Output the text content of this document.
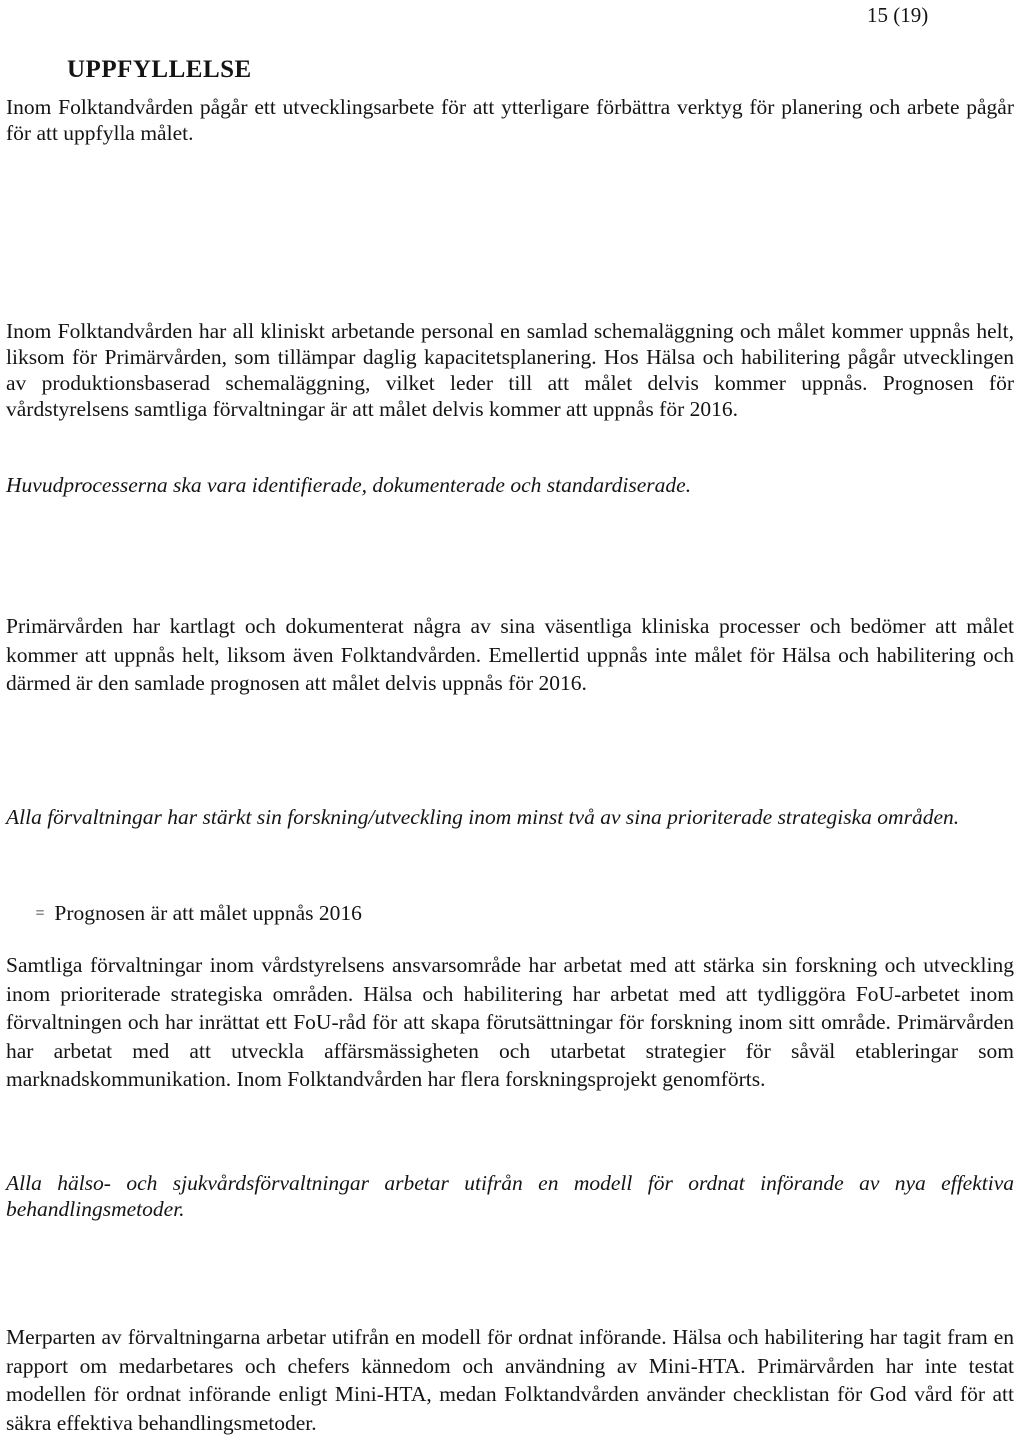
15 (19)

UPPFYLLELSE

Inom Folktandvården pågår ett utvecklingsarbete för att ytterligare förbättra verktyg för planering och arbete pågår för att uppfylla målet.

Inom Folktandvården har all kliniskt arbetande personal en samlad schemaläggning och målet kommer uppnås helt, liksom för Primärvården, som tillämpar daglig kapacitetsplanering. Hos Hälsa och habilitering pågår utvecklingen av produktionsbaserad schemaläggning, vilket leder till att målet delvis kommer uppnås. Prognosen för vårdstyrelsens samtliga förvaltningar är att målet delvis kommer att uppnås för 2016.

Huvudprocesserna ska vara identifierade, dokumenterade och standardiserade.

Primärvården har kartlagt och dokumenterat några av sina väsentliga kliniska processer och bedömer att målet kommer att uppnås helt, liksom även Folktandvården. Emellertid uppnås inte målet för Hälsa och habilitering och därmed är den samlade prognosen att målet delvis uppnås för 2016.

Alla förvaltningar har stärkt sin forskning/utveckling inom minst två av sina prioriterade strategiska områden.

= Prognosen är att målet uppnås 2016

Samtliga förvaltningar inom vårdstyrelsens ansvarsområde har arbetat med att stärka sin forskning och utveckling inom prioriterade strategiska områden. Hälsa och habilitering har arbetat med att tydliggöra FoU-arbetet inom förvaltningen och har inrättat ett FoU-råd för att skapa förutsättningar för forskning inom sitt område. Primärvården har arbetat med att utveckla affärsmässigheten och utarbetat strategier för såväl etableringar som marknadskommunikation. Inom Folktandvården har flera forskningsprojekt genomförts.

Alla hälso- och sjukvårdsförvaltningar arbetar utifrån en modell för ordnat införande av nya effektiva behandlingsmetoder.

Merparten av förvaltningarna arbetar utifrån en modell för ordnat införande. Hälsa och habilitering har tagit fram en rapport om medarbetares och chefers kännedom och användning av Mini-HTA. Primärvården har inte testat modellen för ordnat införande enligt Mini-HTA, medan Folktandvården använder checklistan för God vård för att säkra effektiva behandlingsmetoder.
